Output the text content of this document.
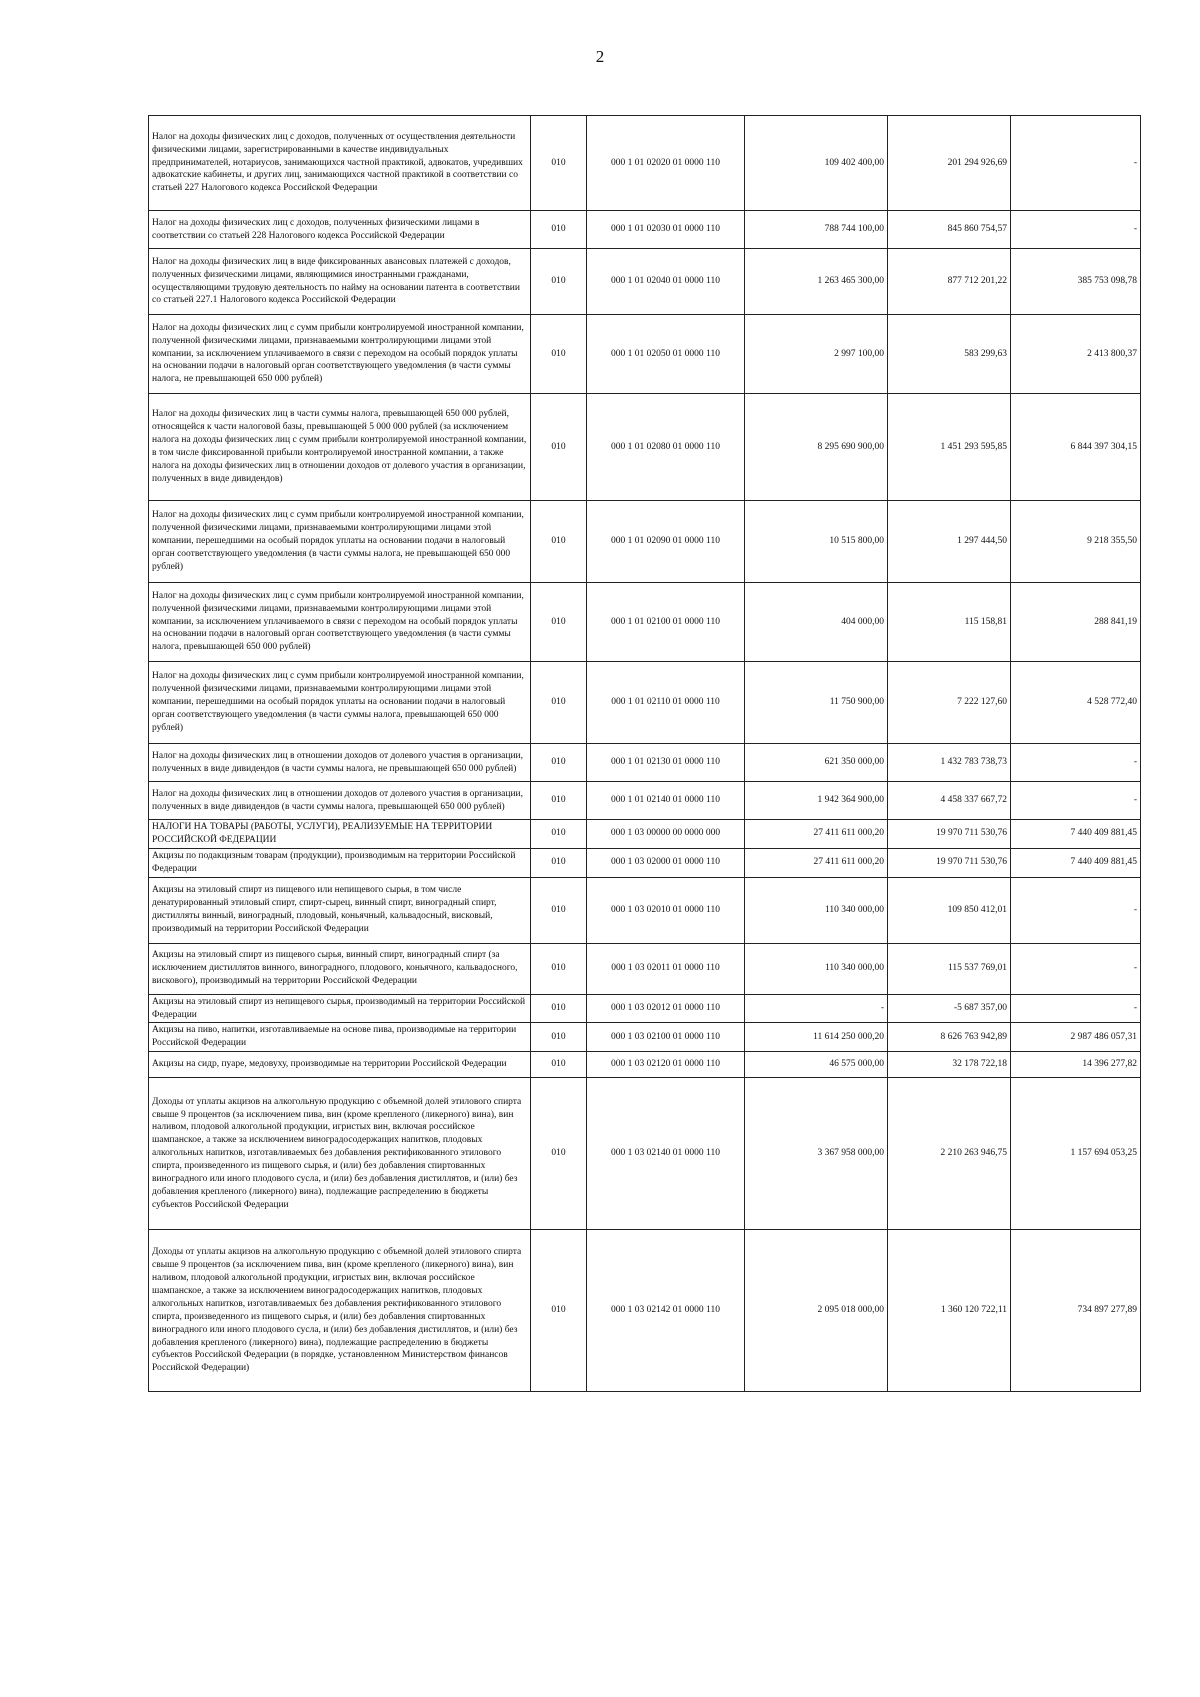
2
Налог на доходы физических лиц с доходов, полученных от осуществления деятельности физическими лицами, зарегистрированными в качестве индивидуальных предпринимателей, нотариусов, занимающихся частной практикой, адвокатов, учредивших адвокатские кабинеты, и других лиц, занимающихся частной практикой в соответствии со статьей 227 Налогового кодекса Российской Федерации	010	000 1 01 02020 01 0000 110	109 402 400,00	201 294 926,69	-
Налог на доходы физических лиц с доходов, полученных физическими лицами в соответствии со статьей 228 Налогового кодекса Российской Федерации	010	000 1 01 02030 01 0000 110	788 744 100,00	845 860 754,57	-
Налог на доходы физических лиц в виде фиксированных авансовых платежей с доходов, полученных физическими лицами, являющимися иностранными гражданами, осуществляющими трудовую деятельность по найму на основании патента в соответствии со статьей 227.1 Налогового кодекса Российской Федерации	010	000 1 01 02040 01 0000 110	1 263 465 300,00	877 712 201,22	385 753 098,78
Налог на доходы физических лиц с сумм прибыли контролируемой иностранной компании, полученной физическими лицами, признаваемыми контролирующими лицами этой компании, за исключением уплачиваемого в связи с переходом на особый порядок уплаты на основании подачи в налоговый орган соответствующего уведомления (в части суммы налога, не превышающей 650 000 рублей)	010	000 1 01 02050 01 0000 110	2 997 100,00	583 299,63	2 413 800,37
Налог на доходы физических лиц в части суммы налога, превышающей 650 000 рублей, относящейся к части налоговой базы, превышающей 5 000 000 рублей (за исключением налога на доходы физических лиц с сумм прибыли контролируемой иностранной компании, в том числе фиксированной прибыли контролируемой иностранной компании, а также налога на доходы физических лиц в отношении доходов от долевого участия в организации, полученных в виде дивидендов)	010	000 1 01 02080 01 0000 110	8 295 690 900,00	1 451 293 595,85	6 844 397 304,15
Налог на доходы физических лиц с сумм прибыли контролируемой иностранной компании, полученной физическими лицами, признаваемыми контролирующими лицами этой компании, перешедшими на особый порядок уплаты на основании подачи в налоговый орган соответствующего уведомления (в части суммы налога, не превышающей 650 000 рублей)	010	000 1 01 02090 01 0000 110	10 515 800,00	1 297 444,50	9 218 355,50
Налог на доходы физических лиц с сумм прибыли контролируемой иностранной компании, полученной физическими лицами, признаваемыми контролирующими лицами этой компании, за исключением уплачиваемого в связи с переходом на особый порядок уплаты на основании подачи в налоговый орган соответствующего уведомления (в части суммы налога, превышающей 650 000 рублей)	010	000 1 01 02100 01 0000 110	404 000,00	115 158,81	288 841,19
Налог на доходы физических лиц с сумм прибыли контролируемой иностранной компании, полученной физическими лицами, признаваемыми контролирующими лицами этой компании, перешедшими на особый порядок уплаты на основании подачи в налоговый орган соответствующего уведомления (в части суммы налога, превышающей 650 000 рублей)	010	000 1 01 02110 01 0000 110	11 750 900,00	7 222 127,60	4 528 772,40
Налог на доходы физических лиц в отношении доходов от долевого участия в организации, полученных в виде дивидендов (в части суммы налога, не превышающей 650 000 рублей)	010	000 1 01 02130 01 0000 110	621 350 000,00	1 432 783 738,73	-
Налог на доходы физических лиц в отношении доходов от долевого участия в организации, полученных в виде дивидендов (в части суммы налога, превышающей 650 000 рублей)	010	000 1 01 02140 01 0000 110	1 942 364 900,00	4 458 337 667,72	-
НАЛОГИ НА ТОВАРЫ (РАБОТЫ, УСЛУГИ), РЕАЛИЗУЕМЫЕ НА ТЕРРИТОРИИ РОССИЙСКОЙ ФЕДЕРАЦИИ	010	000 1 03 00000 00 0000 000	27 411 611 000,20	19 970 711 530,76	7 440 409 881,45
Акцизы по подакцизным товарам (продукции), производимым на территории Российской Федерации	010	000 1 03 02000 01 0000 110	27 411 611 000,20	19 970 711 530,76	7 440 409 881,45
Акцизы на этиловый спирт из пищевого или непищевого сырья, в том числе денатурированный этиловый спирт, спирт-сырец, винный спирт, виноградный спирт, дистилляты винный, виноградный, плодовый, коньячный, кальвадосный, висковый, производимый на территории Российской Федерации	010	000 1 03 02010 01 0000 110	110 340 000,00	109 850 412,01	-
Акцизы на этиловый спирт из пищевого сырья, винный спирт, виноградный спирт (за исключением дистиллятов винного, виноградного, плодового, коньячного, кальвадосного, вискового), производимый на территории Российской Федерации	010	000 1 03 02011 01 0000 110	110 340 000,00	115 537 769,01	-
Акцизы на этиловый спирт из непищевого сырья, производимый на территории Российской Федерации	010	000 1 03 02012 01 0000 110	-	-5 687 357,00	-
Акцизы на пиво, напитки, изготавливаемые на основе пива, производимые на территории Российской Федерации	010	000 1 03 02100 01 0000 110	11 614 250 000,20	8 626 763 942,89	2 987 486 057,31
Акцизы на сидр, пуаре, медовуху, производимые на территории Российской Федерации	010	000 1 03 02120 01 0000 110	46 575 000,00	32 178 722,18	14 396 277,82
Доходы от уплаты акцизов на алкогольную продукцию с объемной долей этилового спирта свыше 9 процентов (за исключением пива, вин (кроме крепленого (ликерного) вина), вин наливом, плодовой алкогольной продукции, игристых вин, включая российское шампанское, а также за исключением виноградосодержащих напитков, плодовых алкогольных напитков, изготавливаемых без добавления ректификованного этилового спирта, произведенного из пищевого сырья, и (или) без добавления спиртованных виноградного или иного плодового сусла, и (или) без добавления дистиллятов, и (или) без добавления крепленого (ликерного) вина), подлежащие распределению в бюджеты субъектов Российской Федерации	010	000 1 03 02140 01 0000 110	3 367 958 000,00	2 210 263 946,75	1 157 694 053,25
Доходы от уплаты акцизов на алкогольную продукцию с объемной долей этилового спирта свыше 9 процентов (за исключением пива, вин (кроме крепленого (ликерного) вина), вин наливом, плодовой алкогольной продукции, игристых вин, включая российское шампанское, а также за исключением виноградосодержащих напитков, плодовых алкогольных напитков, изготавливаемых без добавления ректификованного этилового спирта, произведенного из пищевого сырья, и (или) без добавления спиртованных виноградного или иного плодового сусла, и (или) без добавления дистиллятов, и (или) без добавления крепленого (ликерного) вина), подлежащие распределению в бюджеты субъектов Российской Федерации (в порядке, установленном Министерством финансов Российской Федерации)	010	000 1 03 02142 01 0000 110	2 095 018 000,00	1 360 120 722,11	734 897 277,89
